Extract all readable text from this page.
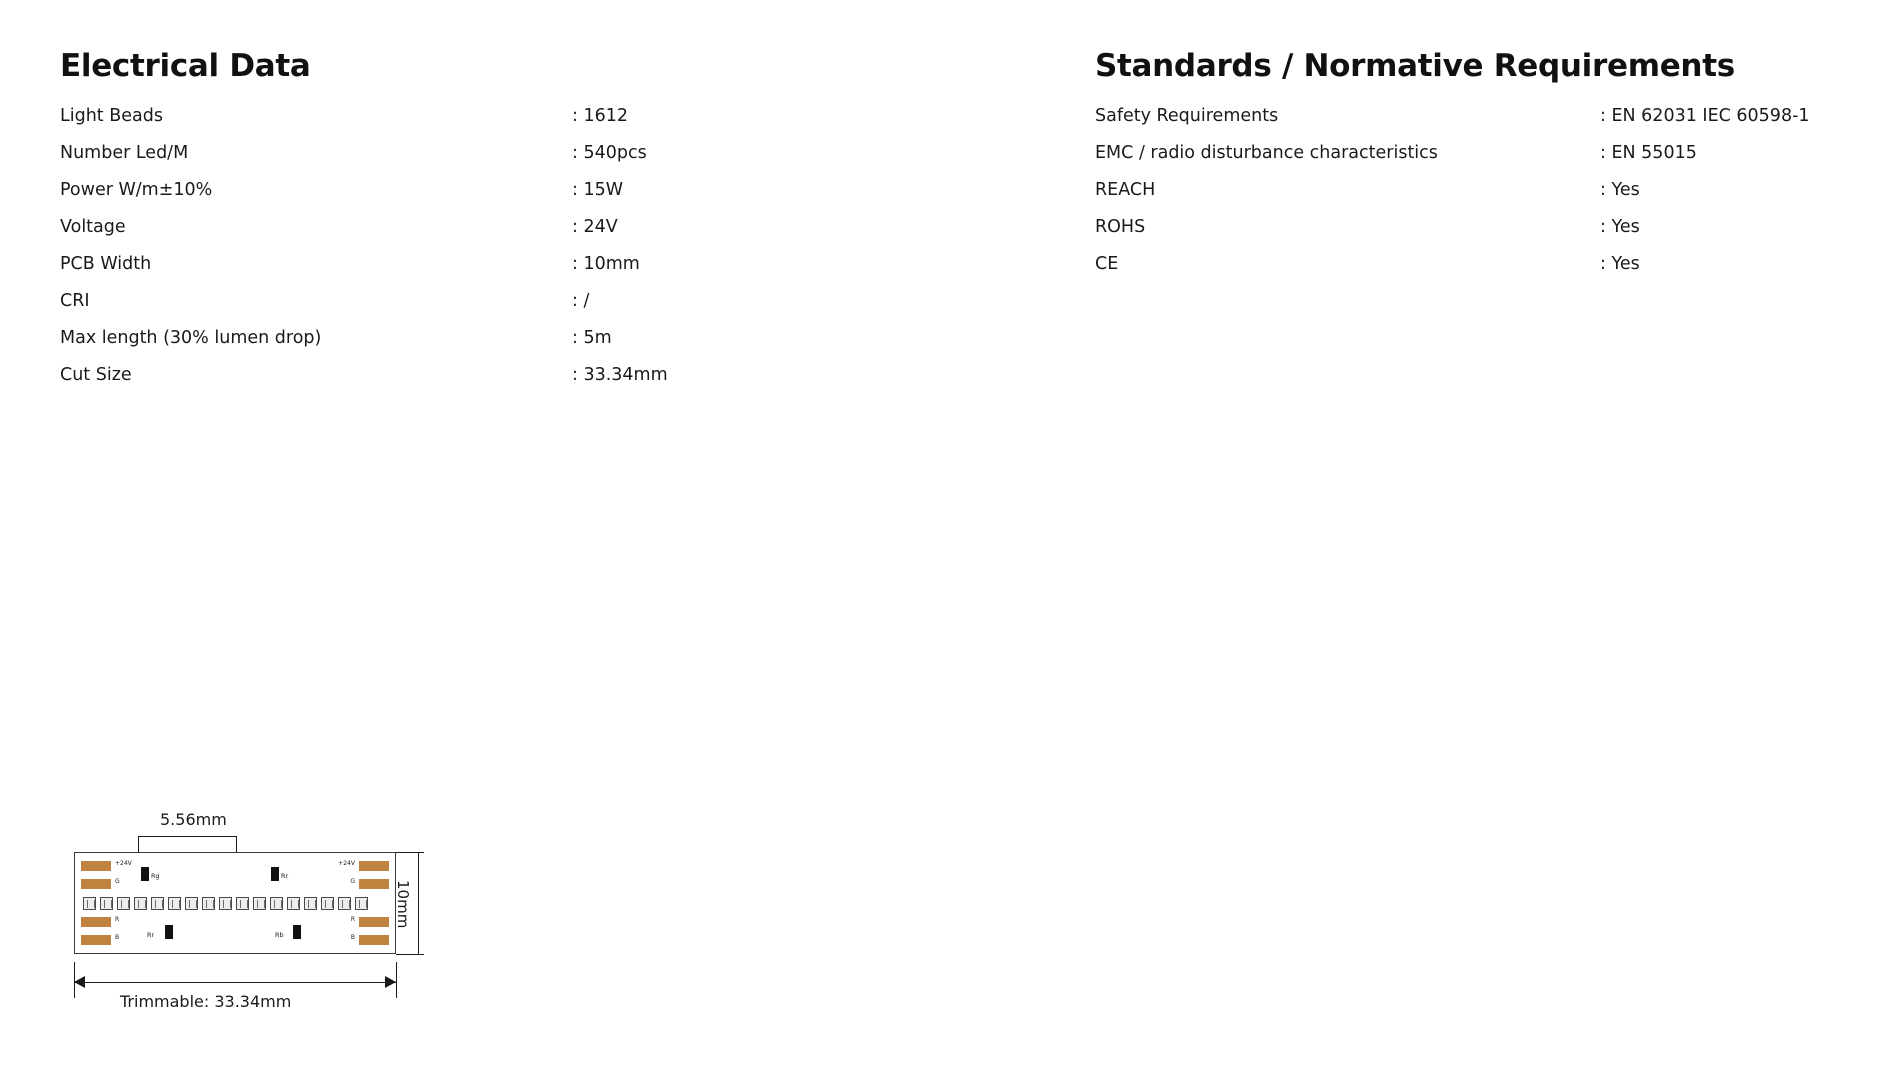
Electrical Data
Light Beads	: 1612
Number Led/M	: 540pcs
Power W/m±10%	: 15W
Voltage	: 24V
PCB Width	: 10mm
CRI	: /
Max length (30% lumen drop)	: 5m
Cut Size	: 33.34mm
Standards / Normative Requirements
Safety Requirements	: EN 62031 IEC 60598-1
EMC / radio disturbance characteristics	: EN 55015
REACH	: Yes
ROHS	: Yes
CE	: Yes
5.56mm
+24V
G
R
B
+24V
G
R
B
Rg	Rr
Rr	Rb
10mm
Trimmable: 33.34mm
